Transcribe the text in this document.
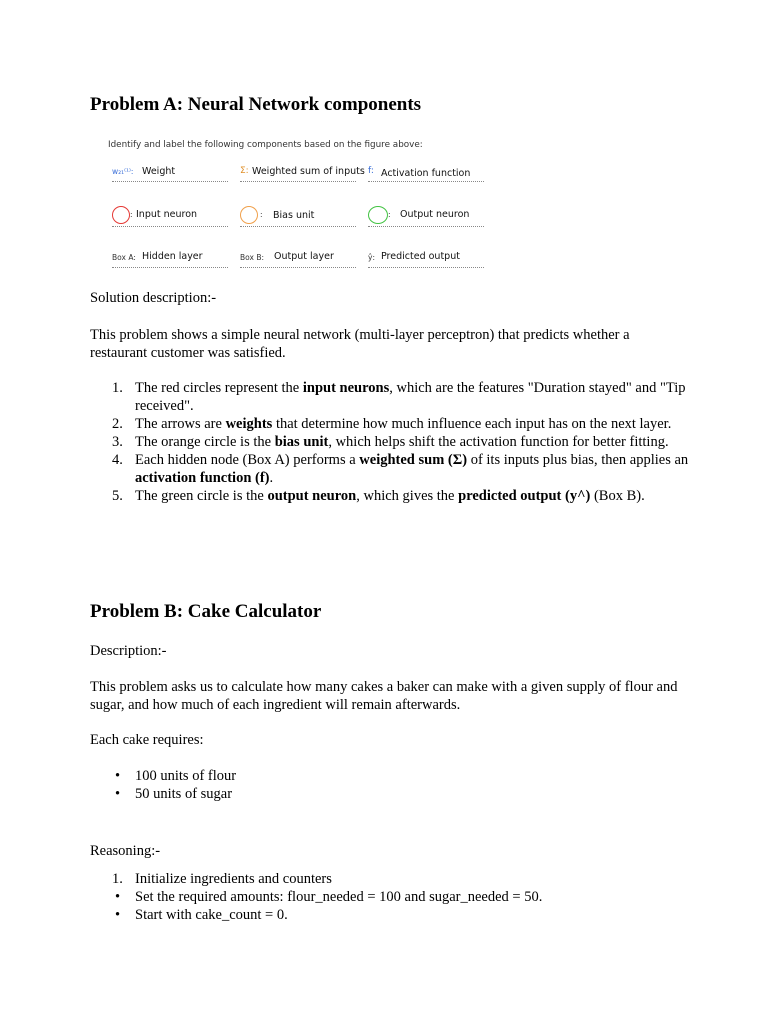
Problem A: Neural Network components
Identify and label the following components based on the figure above:
w₂₁⁽¹⁾: Weight	Σ: Weighted sum of inputs f: Activation function
: Input neuron	: Bias unit	: Output neuron
Box A: Hidden layer	Box B: Output layer	ŷ: Predicted output

Solution description:-

This problem shows a simple neural network (multi-layer perceptron) that predicts whether a restaurant customer was satisfied.

1. The red circles represent the input neurons, which are the features "Duration stayed" and "Tip received".
2. The arrows are weights that determine how much influence each input has on the next layer.
3. The orange circle is the bias unit, which helps shift the activation function for better fitting.
4. Each hidden node (Box A) performs a weighted sum (Σ) of its inputs plus bias, then applies an activation function (f).
5. The green circle is the output neuron, which gives the predicted output (y^) (Box B).
Problem B: Cake Calculator

Description:-

This problem asks us to calculate how many cakes a baker can make with a given supply of flour and sugar, and how much of each ingredient will remain afterwards.

Each cake requires:

• 100 units of flour
• 50 units of sugar

Reasoning:-

1. Initialize ingredients and counters
• Set the required amounts: flour_needed = 100 and sugar_needed = 50.
• Start with cake_count = 0.
